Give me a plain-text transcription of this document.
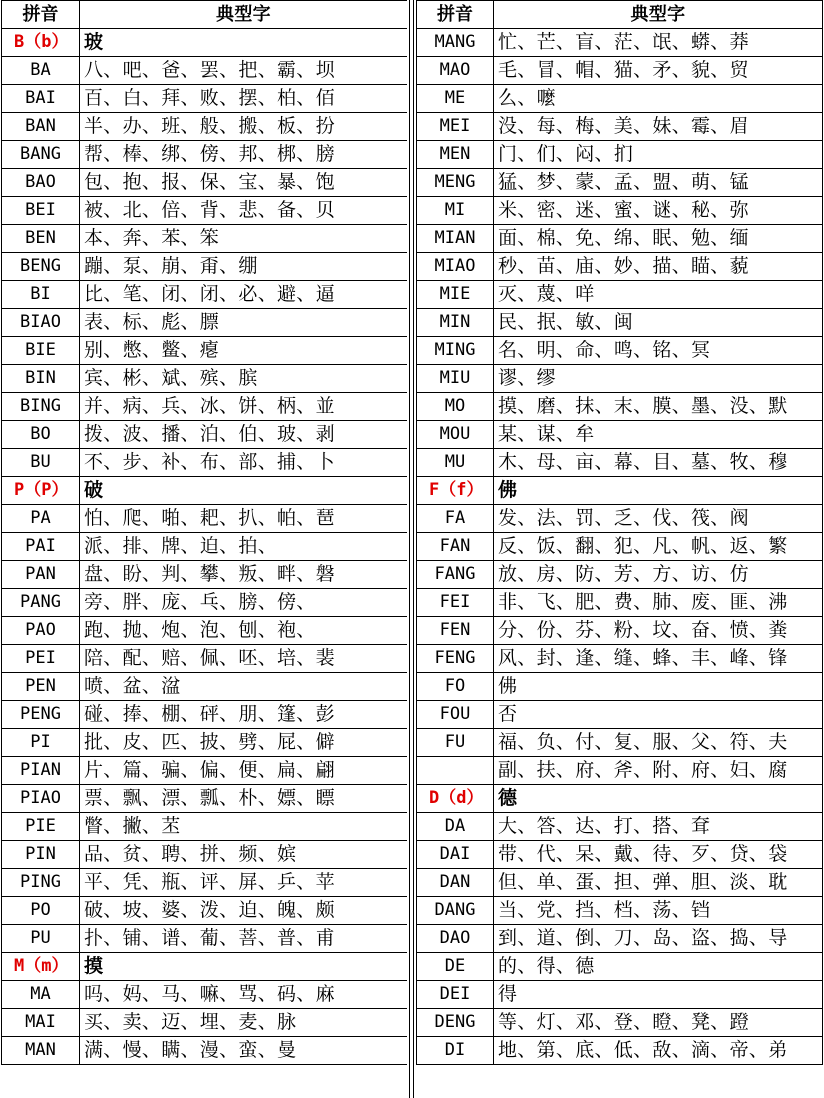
拼音	典型字
B（b）	玻
BA	八、吧、爸、罢、把、霸、坝
BAI	百、白、拜、败、摆、柏、佰
BAN	半、办、班、般、搬、板、扮
BANG	帮、棒、绑、傍、邦、梆、膀
BAO	包、抱、报、保、宝、暴、饱
BEI	被、北、倍、背、悲、备、贝
BEN	本、奔、苯、笨
BENG	蹦、泵、崩、甭、绷
BI	比、笔、闭、闭、必、避、逼
BIAO	表、标、彪、膘
BIE	别、憋、鳖、瘪
BIN	宾、彬、斌、殡、膑
BING	并、病、兵、冰、饼、柄、並
BO	拨、波、播、泊、伯、玻、剥
BU	不、步、补、布、部、捕、卜
P（P）	破
PA	怕、爬、啪、耙、扒、帕、琶
PAI	派、排、牌、迫、拍、
PAN	盘、盼、判、攀、叛、畔、磐
PANG	旁、胖、庞、乓、膀、傍、
PAO	跑、抛、炮、泡、刨、袍、
PEI	陪、配、赔、佩、呸、培、裴
PEN	喷、盆、湓
PENG	碰、捧、棚、砰、朋、篷、彭
PI	批、皮、匹、披、劈、屁、僻
PIAN	片、篇、骗、偏、便、扁、翩
PIAO	票、飘、漂、瓢、朴、嫖、瞟
PIE	瞥、撇、苤
PIN	品、贫、聘、拼、频、嫔
PING	平、凭、瓶、评、屏、乒、苹
PO	破、坡、婆、泼、迫、魄、颇
PU	扑、铺、谱、葡、菩、普、甫
M（m）	摸
MA	吗、妈、马、嘛、骂、码、麻
MAI	买、卖、迈、埋、麦、脉
MAN	满、慢、瞒、漫、蛮、曼
拼音	典型字
MANG	忙、芒、盲、茫、氓、蟒、莽
MAO	毛、冒、帽、猫、矛、貌、贸
ME	么、嚒
MEI	没、每、梅、美、妹、霉、眉
MEN	门、们、闷、扪
MENG	猛、梦、蒙、孟、盟、萌、锰
MI	米、密、迷、蜜、谜、秘、弥
MIAN	面、棉、免、绵、眠、勉、缅
MIAO	秒、苗、庙、妙、描、瞄、藐
MIE	灭、蔑、咩
MIN	民、抿、敏、闽
MING	名、明、命、鸣、铭、冥
MIU	谬、缪
MO	摸、磨、抹、末、膜、墨、没、默
MOU	某、谋、牟
MU	木、母、亩、幕、目、墓、牧、穆
F（f）	佛
FA	发、法、罚、乏、伐、筏、阀
FAN	反、饭、翻、犯、凡、帆、返、繁
FANG	放、房、防、芳、方、访、仿
FEI	非、飞、肥、费、肺、废、匪、沸
FEN	分、份、芬、粉、坟、奋、愤、粪
FENG	风、封、逢、缝、蜂、丰、峰、锋
FO	佛
FOU	否
FU	福、负、付、复、服、父、符、夫
	副、扶、府、斧、附、府、妇、腐
D（d）	德
DA	大、答、达、打、搭、耷
DAI	带、代、呆、戴、待、歹、贷、袋
DAN	但、单、蛋、担、弹、胆、淡、耽
DANG	当、党、挡、档、荡、铛
DAO	到、道、倒、刀、岛、盗、捣、导
DE	的、得、德
DEI	得
DENG	等、灯、邓、登、瞪、凳、蹬
DI	地、第、底、低、敌、滴、帝、弟
